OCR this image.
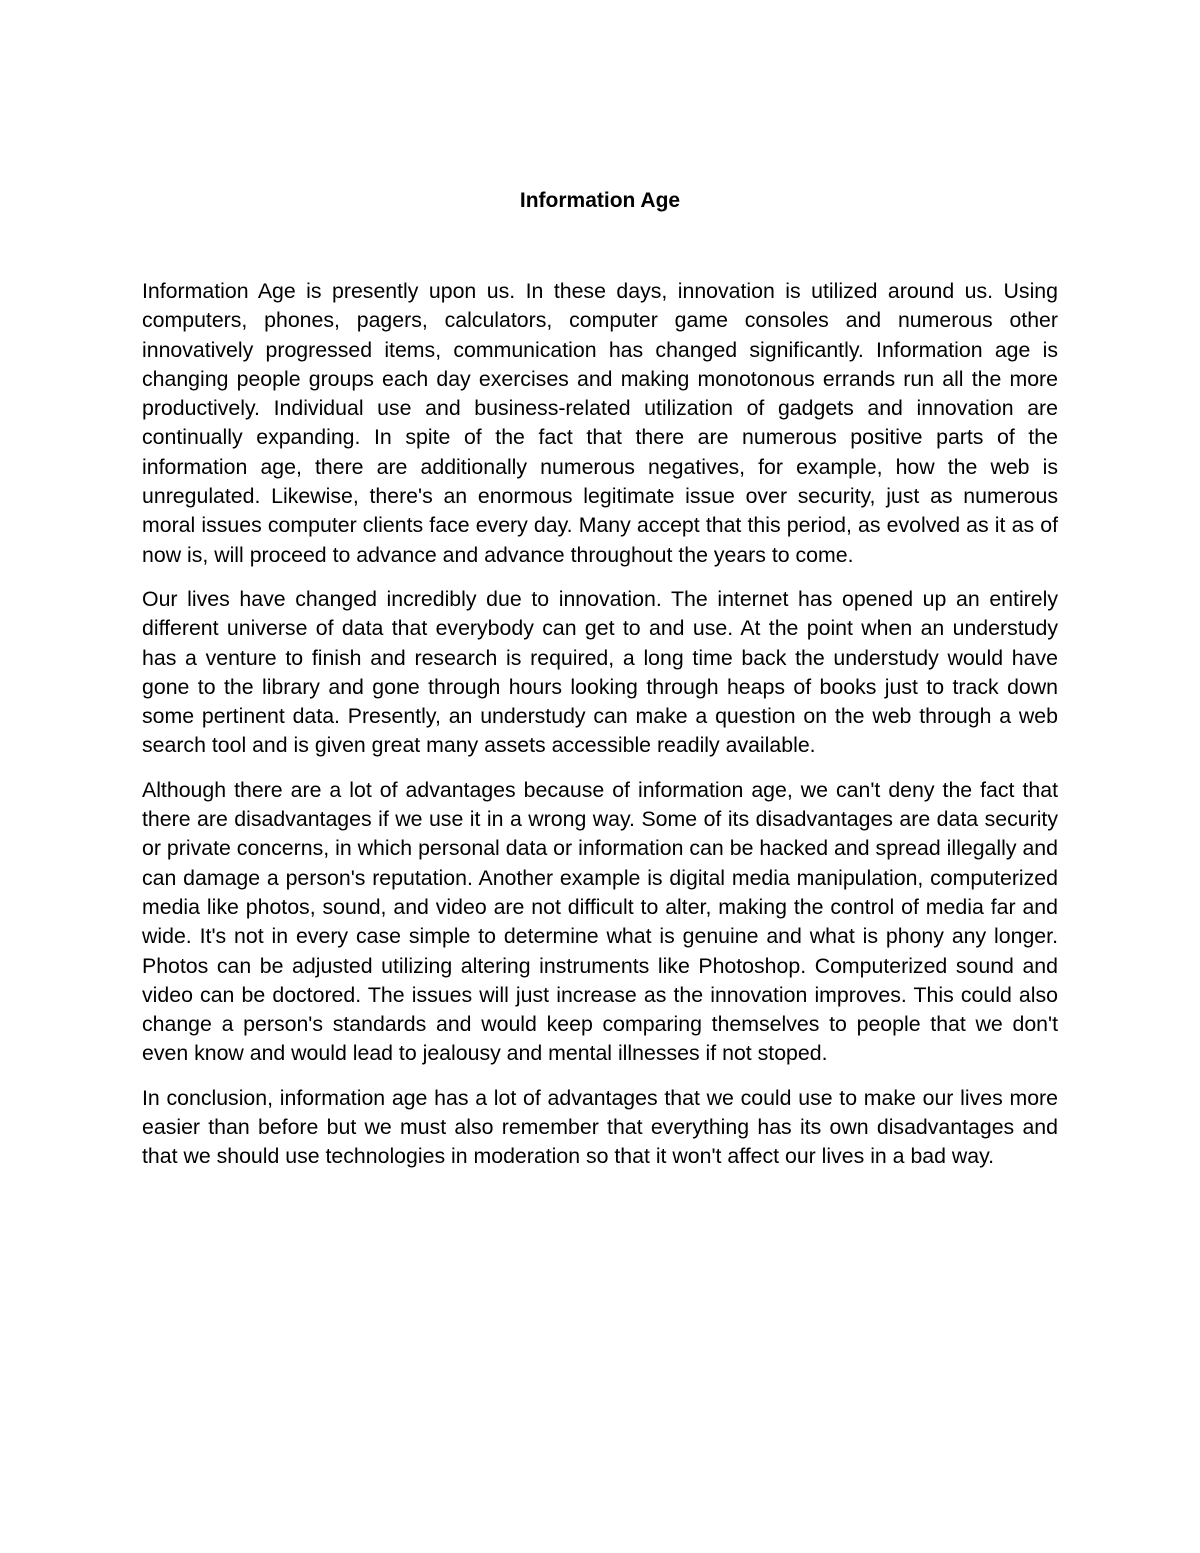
Information Age

Information Age is presently upon us. In these days, innovation is utilized around us. Using computers, phones, pagers, calculators, computer game consoles and numerous other innovatively progressed items, communication has changed significantly. Information age is changing people groups each day exercises and making monotonous errands run all the more productively. Individual use and business-related utilization of gadgets and innovation are continually expanding. In spite of the fact that there are numerous positive parts of the information age, there are additionally numerous negatives, for example, how the web is unregulated. Likewise, there's an enormous legitimate issue over security, just as numerous moral issues computer clients face every day. Many accept that this period, as evolved as it as of now is, will proceed to advance and advance throughout the years to come.

Our lives have changed incredibly due to innovation. The internet has opened up an entirely different universe of data that everybody can get to and use. At the point when an understudy has a venture to finish and research is required, a long time back the understudy would have gone to the library and gone through hours looking through heaps of books just to track down some pertinent data. Presently, an understudy can make a question on the web through a web search tool and is given great many assets accessible readily available.

Although there are a lot of advantages because of information age, we can't deny the fact that there are disadvantages if we use it in a wrong way. Some of its disadvantages are data security or private concerns, in which personal data or information can be hacked and spread illegally and can damage a person's reputation. Another example is digital media manipulation, computerized media like photos, sound, and video are not difficult to alter, making the control of media far and wide. It's not in every case simple to determine what is genuine and what is phony any longer. Photos can be adjusted utilizing altering instruments like Photoshop. Computerized sound and video can be doctored. The issues will just increase as the innovation improves. This could also change a person's standards and would keep comparing themselves to people that we don't even know and would lead to jealousy and mental illnesses if not stoped.

In conclusion, information age has a lot of advantages that we could use to make our lives more easier than before but we must also remember that everything has its own disadvantages and that we should use technologies in moderation so that it won't affect our lives in a bad way.
